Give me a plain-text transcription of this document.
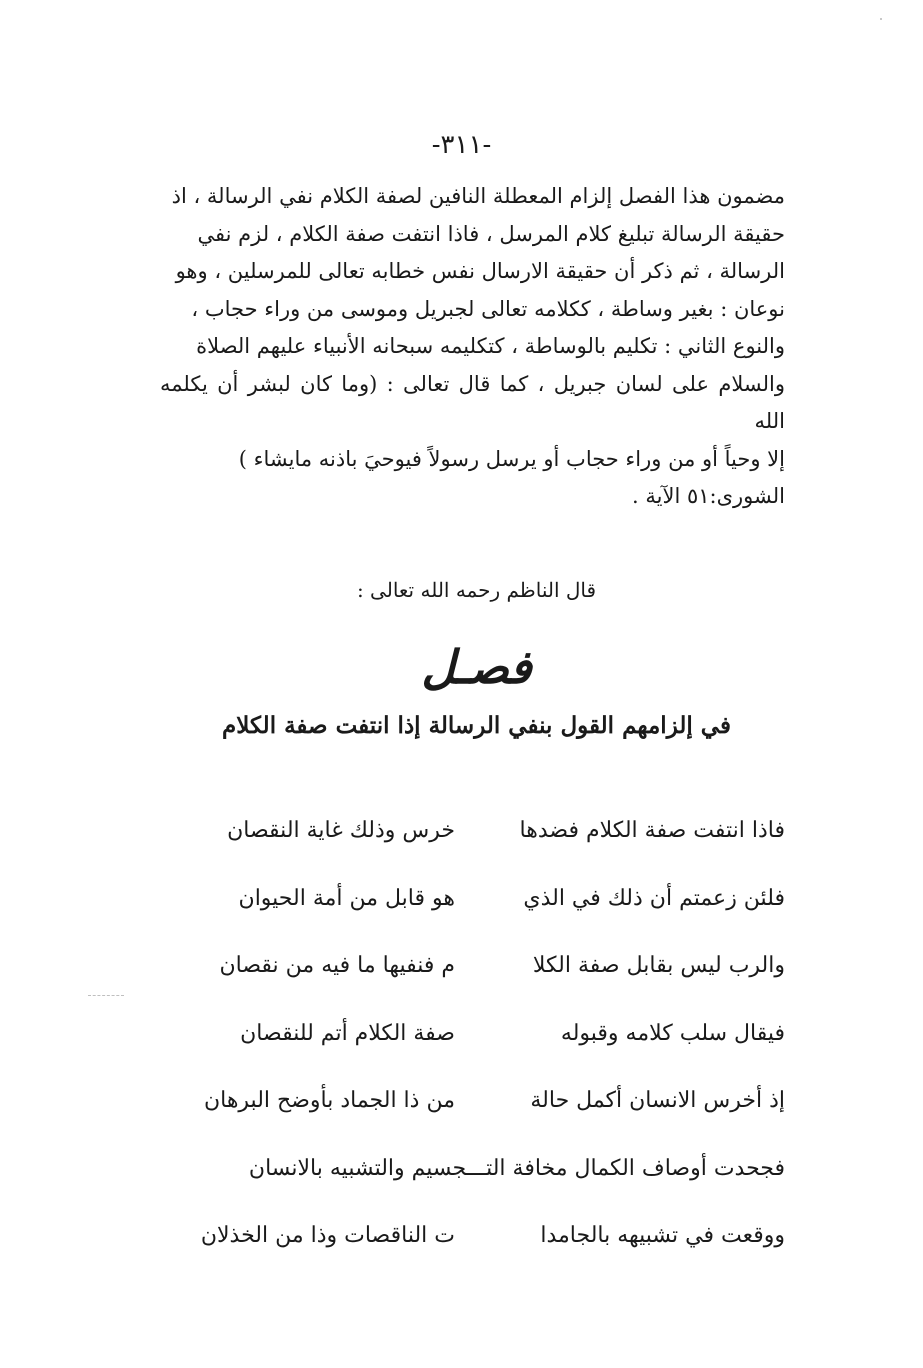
-٣١١-

مضمون هذا الفصل إلزام المعطلة النافين لصفة الكلام نفي الرسالة ، اذ

حقيقة الرسالة تبليغ كلام المرسل ، فاذا انتفت صفة الكلام ، لزم نفي

الرسالة ، ثم ذكر أن حقيقة الارسال نفس خطابه تعالى للمرسلين ، وهو

نوعان : بغير وساطة ، ككلامه تعالى لجبريل وموسى من وراء حجاب ،

والنوع الثاني : تكليم بالوساطة ، كتكليمه سبحانه الأنبياء عليهم الصلاة

والسلام على لسان جبريل ، كما قال تعالى : (وما كان لبشر أن يكلمه الله

إلا وحياً أو من وراء حجاب أو يرسل رسولاً فيوحيَ باذنه مايشاء )

الشورى:٥١ الآية .

قال الناظم رحمه الله تعالى :
فصـل
في إلزامهم القول بنفي الرسالة إذا انتفت صفة الكلام
فاذا انتفت صفة الكلام فضدها
خرس وذلك غاية النقصان
فلئن زعمتم أن ذلك في الذي
هو قابل من أمة الحيوان
والرب ليس بقابل صفة الكلا
م فنفيها ما فيه من نقصان
فيقال سلب كلامه وقبوله
صفة الكلام أتم للنقصان
إذ أخرس الانسان أكمل حالة
من ذا الجماد بأوضح البرهان
فجحدت أوصاف الكمال مخافة التـــجسيم والتشبيه بالانسان
ووقعت في تشبيهه بالجامدا
ت الناقصات وذا من الخذلان
